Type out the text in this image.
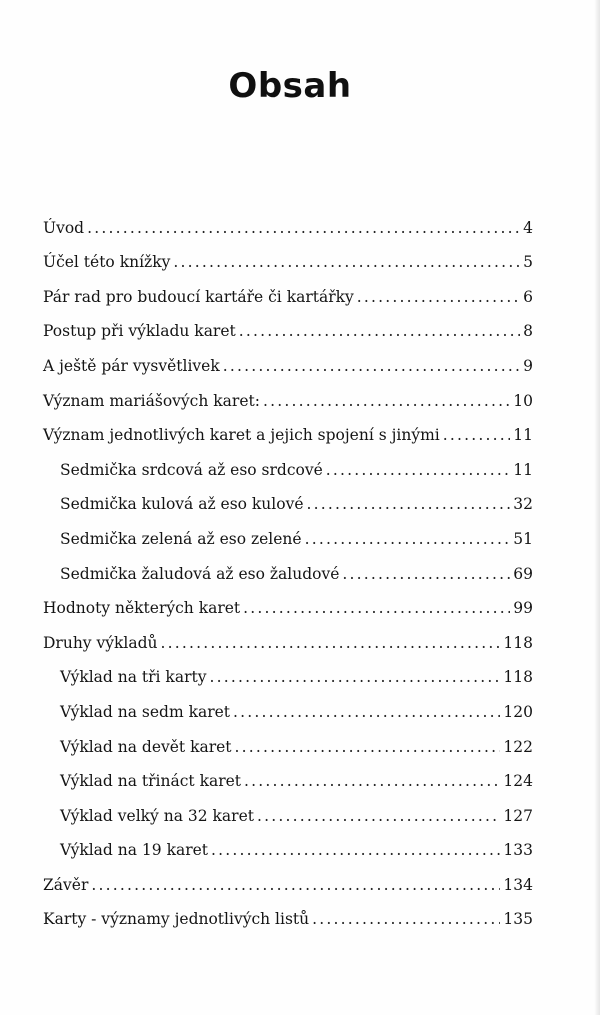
Obsah
Úvod .....	4
Účel této knížky .....	5
Pár rad pro budoucí kartáře či kartářky .....	6
Postup při výkladu karet .....	8
A ještě pár vysvětlivek .....	9
Význam mariášových karet: .....	10
Význam jednotlivých karet a jejich spojení s jinými .....	11
Sedmička srdcová až eso srdcové .....	11
Sedmička kulová až eso kulové .....	32
Sedmička zelená až eso zelené .....	51
Sedmička žaludová až eso žaludové .....	69
Hodnoty některých karet .....	99
Druhy výkladů .....	118
Výklad na tři karty .....	118
Výklad na sedm karet .....	120
Výklad na devět karet .....	122
Výklad na třináct karet .....	124
Výklad velký na 32 karet .....	127
Výklad na 19 karet .....	133
Závěr .....	134
Karty - významy jednotlivých listů .....	135
